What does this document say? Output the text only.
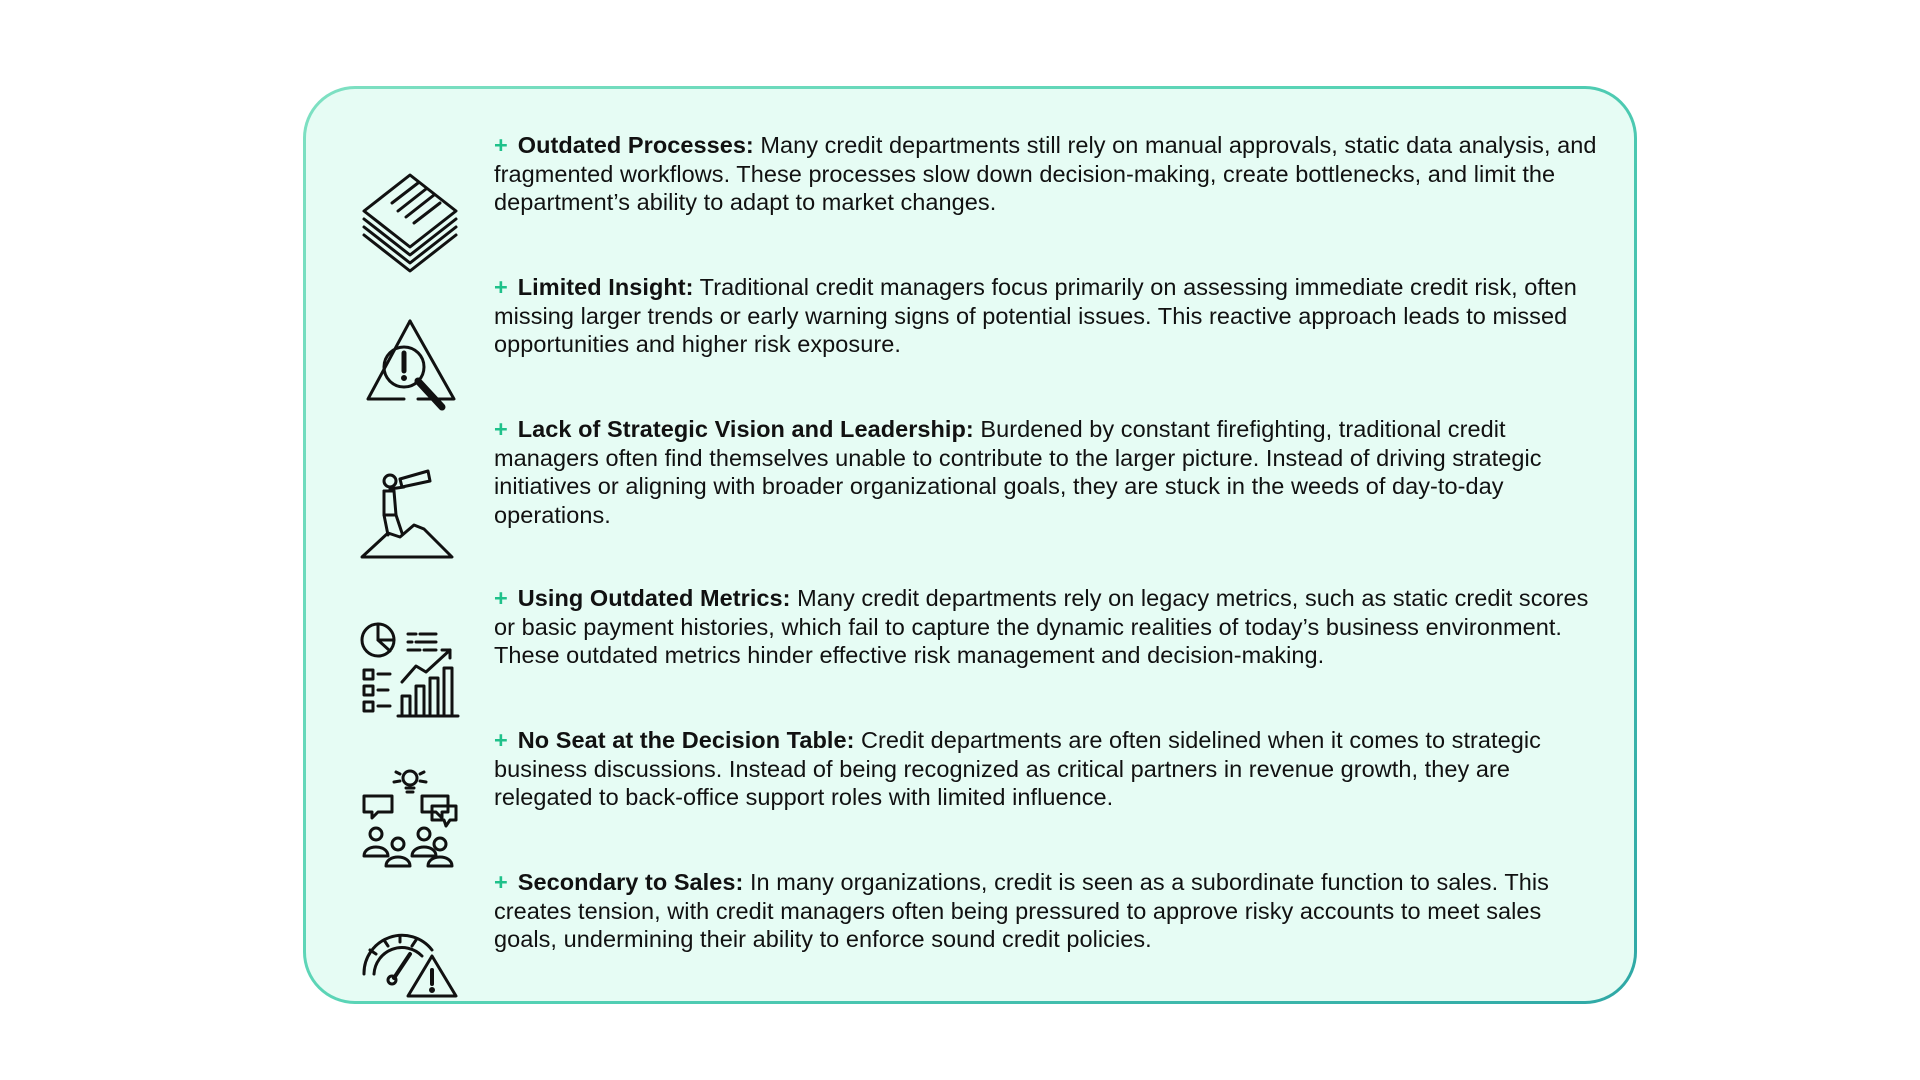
+ Outdated Processes: Many credit departments still rely on manual approvals, static data analysis, and fragmented workflows. These processes slow down decision-making, create bottlenecks, and limit the department’s ability to adapt to market changes.
+ Limited Insight: Traditional credit managers focus primarily on assessing immediate credit risk, often missing larger trends or early warning signs of potential issues. This reactive approach leads to missed opportunities and higher risk exposure.
+ Lack of Strategic Vision and Leadership: Burdened by constant firefighting, traditional credit managers often find themselves unable to contribute to the larger picture. Instead of driving strategic initiatives or aligning with broader organizational goals, they are stuck in the weeds of day-to-day operations.
+ Using Outdated Metrics: Many credit departments rely on legacy metrics, such as static credit scores or basic payment histories, which fail to capture the dynamic realities of today’s business environment. These outdated metrics hinder effective risk management and decision-making.
+ No Seat at the Decision Table: Credit departments are often sidelined when it comes to strategic business discussions. Instead of being recognized as critical partners in revenue growth, they are relegated to back-office support roles with limited influence.
+ Secondary to Sales: In many organizations, credit is seen as a subordinate function to sales. This creates tension, with credit managers often being pressured to approve risky accounts to meet sales goals, undermining their ability to enforce sound credit policies.
